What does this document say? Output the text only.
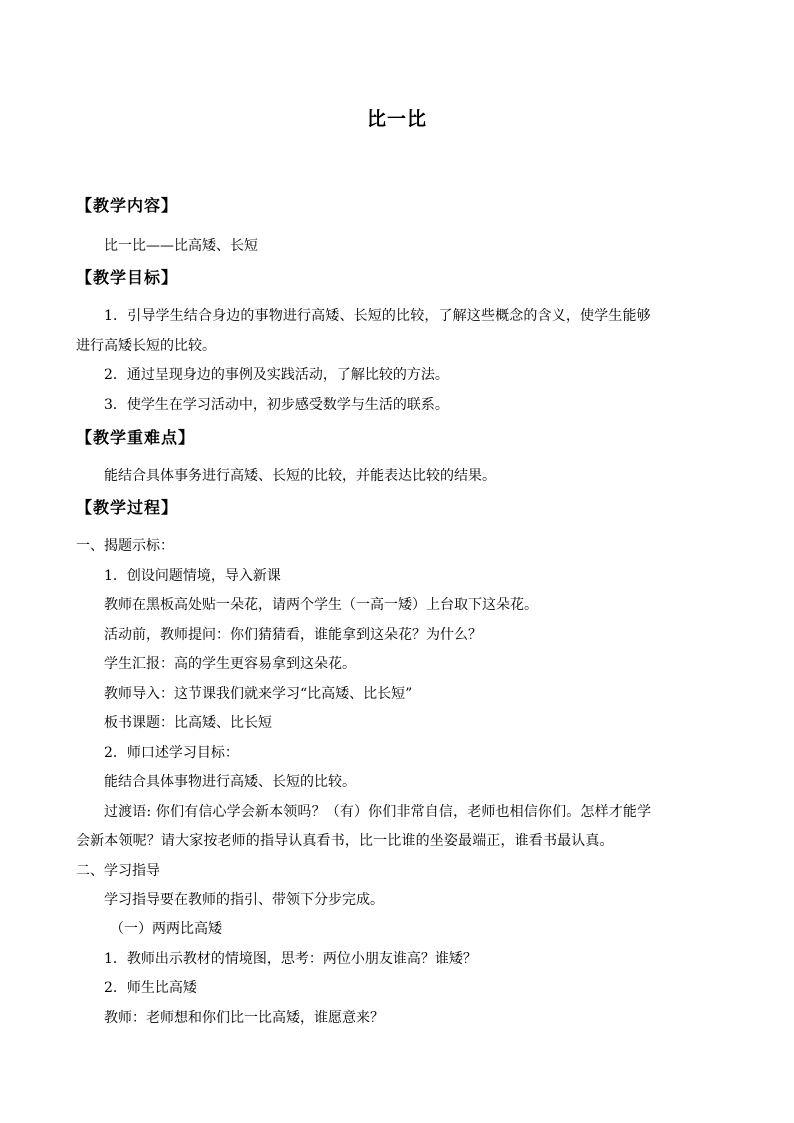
比一比
【教学内容】
比一比——比高矮、长短
【教学目标】
1．引导学生结合身边的事物进行高矮、长短的比较，了解这些概念的含义，使学生能够
进行高矮长短的比较。
2．通过呈现身边的事例及实践活动，了解比较的方法。
3．使学生在学习活动中，初步感受数学与生活的联系。
【教学重难点】
能结合具体事务进行高矮、长短的比较，并能表达比较的结果。
【教学过程】
一、揭题示标：
1．创设问题情境，导入新课
教师在黑板高处贴一朵花，请两个学生（一高一矮）上台取下这朵花。
活动前，教师提问：你们猜猜看，谁能拿到这朵花？为什么？
学生汇报：高的学生更容易拿到这朵花。
教师导入：这节课我们就来学习“比高矮、比长短”
板书课题：比高矮、比长短
2．师口述学习目标：
能结合具体事物进行高矮、长短的比较。
过渡语: 你们有信心学会新本领吗？（有）你们非常自信，老师也相信你们。怎样才能学
会新本领呢？请大家按老师的指导认真看书，比一比谁的坐姿最端正，谁看书最认真。
二、学习指导
学习指导要在教师的指引、带领下分步完成。
（一）两两比高矮
1．教师出示教材的情境图，思考：两位小朋友谁高？谁矮？
2．师生比高矮
教师：老师想和你们比一比高矮，谁愿意来？
